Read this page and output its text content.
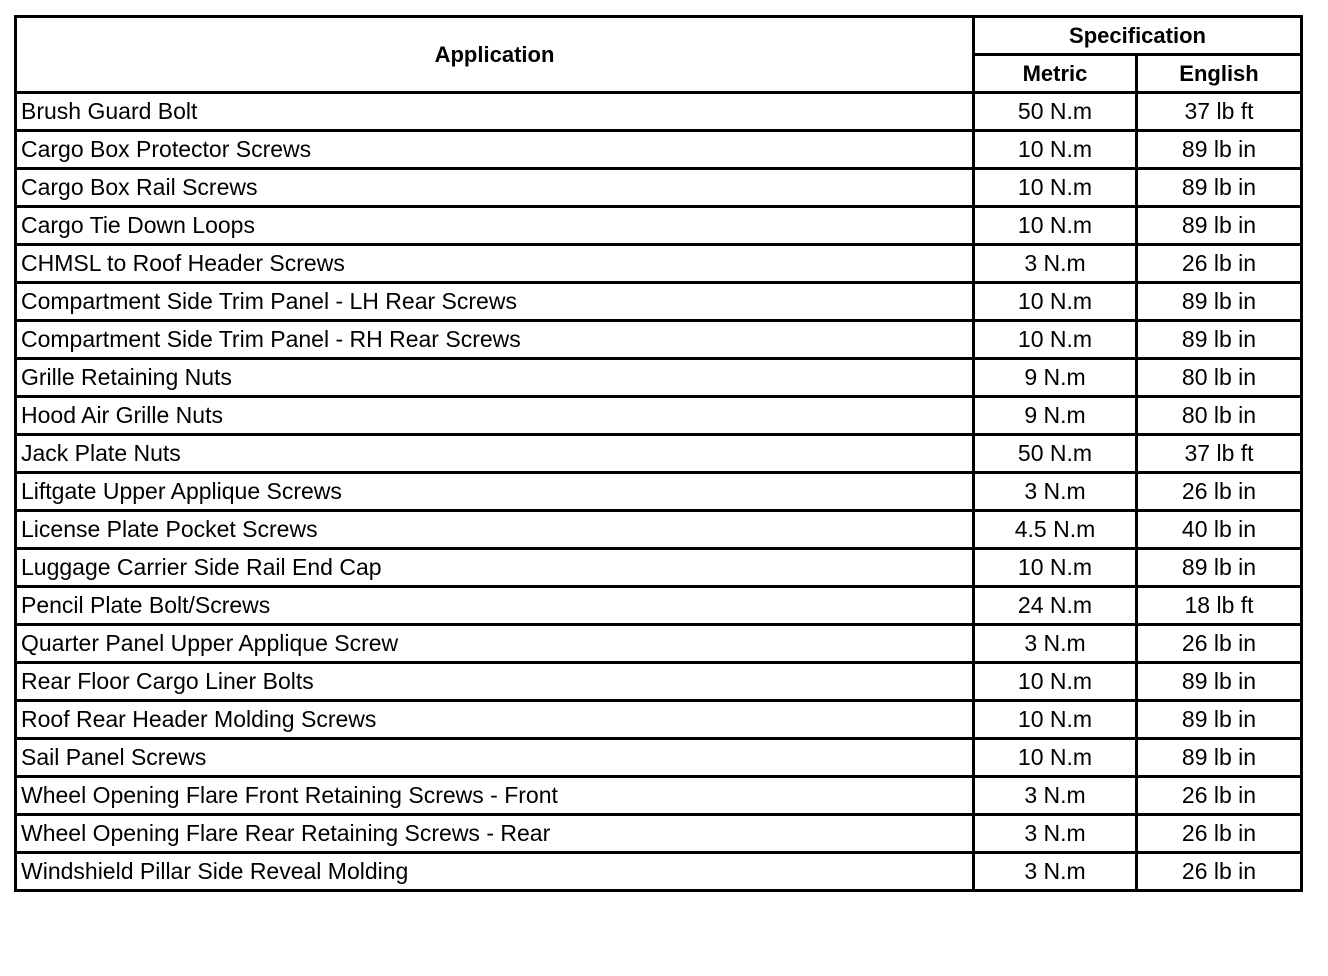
Application	Specification	
	Metric	English
Brush Guard Bolt	50 N.m	37 lb ft
Cargo Box Protector Screws	10 N.m	89 lb in
Cargo Box Rail Screws	10 N.m	89 lb in
Cargo Tie Down Loops	10 N.m	89 lb in
CHMSL to Roof Header Screws	3 N.m	26 lb in
Compartment Side Trim Panel - LH Rear Screws	10 N.m	89 lb in
Compartment Side Trim Panel - RH Rear Screws	10 N.m	89 lb in
Grille Retaining Nuts	9 N.m	80 lb in
Hood Air Grille Nuts	9 N.m	80 lb in
Jack Plate Nuts	50 N.m	37 lb ft
Liftgate Upper Applique Screws	3 N.m	26 lb in
License Plate Pocket Screws	4.5 N.m	40 lb in
Luggage Carrier Side Rail End Cap	10 N.m	89 lb in
Pencil Plate Bolt/Screws	24 N.m	18 lb ft
Quarter Panel Upper Applique Screw	3 N.m	26 lb in
Rear Floor Cargo Liner Bolts	10 N.m	89 lb in
Roof Rear Header Molding Screws	10 N.m	89 lb in
Sail Panel Screws	10 N.m	89 lb in
Wheel Opening Flare Front Retaining Screws - Front	3 N.m	26 lb in
Wheel Opening Flare Rear Retaining Screws - Rear	3 N.m	26 lb in
Windshield Pillar Side Reveal Molding	3 N.m	26 lb in
